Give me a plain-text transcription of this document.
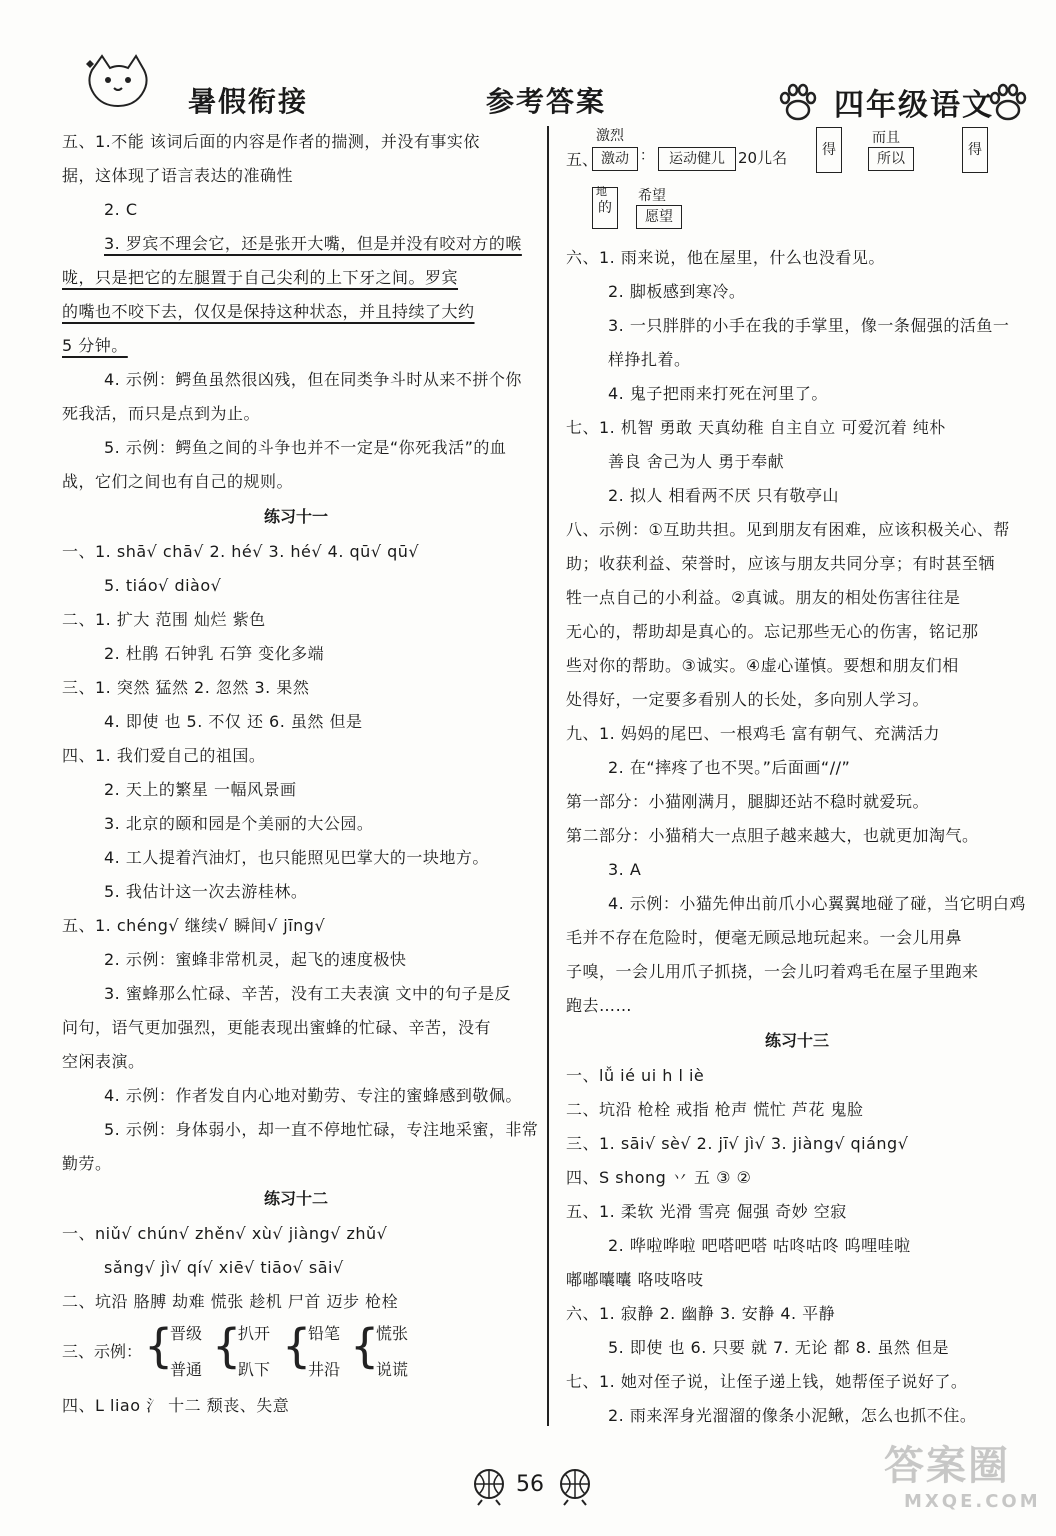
暑假衔接	参考答案	四年级语文
五、1.不能 该词后面的内容是作者的揣测，并没有事实依
据，这体现了语言表达的准确性
2. C
3. 罗宾不理会它，还是张开大嘴，但是并没有咬对方的喉
咙，只是把它的左腿置于自己尖利的上下牙之间。罗宾
的嘴也不咬下去，仅仅是保持这种状态，并且持续了大约
5 分钟。
4. 示例：鳄鱼虽然很凶残，但在同类争斗时从来不拼个你
死我活，而只是点到为止。
5. 示例：鳄鱼之间的斗争也并不一定是“你死我活”的血
战，它们之间也有自己的规则。
练习十一
一、1. shā√ chā√ 2. hé√ 3. hé√ 4. qū√ qū√
5. tiáo√ diào√
二、1. 扩大 范围 灿烂 紫色
2. 杜鹃 石钟乳 石笋 变化多端
三、1. 突然 猛然 2. 忽然 3. 果然
4. 即使 也 5. 不仅 还 6. 虽然 但是
四、1. 我们爱自己的祖国。
2. 天上的繁星 一幅风景画
3. 北京的颐和园是个美丽的大公园。
4. 工人提着汽油灯，也只能照见巴掌大的一块地方。
5. 我估计这一次去游桂林。
五、1. chéng√ 继续√ 瞬间√ jīng√
2. 示例：蜜蜂非常机灵，起飞的速度极快
3. 蜜蜂那么忙碌、辛苦，没有工夫表演 文中的句子是反
问句，语气更加强烈，更能表现出蜜蜂的忙碌、辛苦，没有
空闲表演。
4. 示例：作者发自内心地对勤劳、专注的蜜蜂感到敬佩。
5. 示例：身体弱小，却一直不停地忙碌，专注地采蜜，非常
勤劳。
练习十二
一、niǔ√ chún√ zhěn√ xù√ jiàng√ zhǔ√
sǎng√ jì√ qí√ xiē√ tiāo√ sāi√
二、坑沿 胳膊 劫难 慌张 趁机 尸首 迈步 枪栓
三、示例： {
晋级
普通 {
扒开
趴下 {
铅笔
井沿 {
慌张
说谎
四、L liao 氵 十二 颓丧、失意
五、
激烈
激动 ：	运动健儿 20儿名	得
而且
所以
得
的
地 希望
愿望
六、1. 雨来说，他在屋里，什么也没看见。
2. 脚板感到寒冷。
3. 一只胖胖的小手在我的手掌里，像一条倔强的活鱼一
样挣扎着。
4. 鬼子把雨来打死在河里了。
七、1. 机智 勇敢 天真幼稚 自主自立 可爱沉着 纯朴
善良 舍己为人 勇于奉献
2. 拟人 相看两不厌 只有敬亭山
八、示例：①互助共担。见到朋友有困难，应该积极关心、帮
助；收获利益、荣誉时，应该与朋友共同分享；有时甚至牺
牲一点自己的小利益。②真诚。朋友的相处伤害往往是
无心的，帮助却是真心的。忘记那些无心的伤害，铭记那
些对你的帮助。③诚实。④虚心谨慎。要想和朋友们相
处得好，一定要多看别人的长处，多向别人学习。
九、1. 妈妈的尾巴、一根鸡毛 富有朝气、充满活力
2. 在“摔疼了也不哭。”后面画“//”
第一部分：小猫刚满月，腿脚还站不稳时就爱玩。
第二部分：小猫稍大一点胆子越来越大，也就更加淘气。
3. A
4. 示例：小猫先伸出前爪小心翼翼地碰了碰，当它明白鸡
毛并不存在危险时，便毫无顾忌地玩起来。一会儿用鼻
子嗅，一会儿用爪子抓挠，一会儿叼着鸡毛在屋子里跑来
跑去……
练习十三
一、lǚ ié ui h l iè
二、坑沿 枪栓 戒指 枪声 慌忙 芦花 鬼脸
三、1. sāi√ sè√ 2. jī√ jì√ 3. jiàng√ qiáng√
四、S shong 丷 五 ③ ②
五、1. 柔软 光滑 雪亮 倔强 奇妙 空寂
2. 哗啦哗啦 吧嗒吧嗒 咕咚咕咚 呜哩哇啦
嘟嘟囔囔 咯吱咯吱
六、1. 寂静 2. 幽静 3. 安静 4. 平静
5. 即使 也 6. 只要 就 7. 无论 都 8. 虽然 但是
七、1. 她对侄子说，让侄子递上钱，她帮侄子说好了。
2. 雨来浑身光溜溜的像条小泥鳅，怎么也抓不住。
56	答案圈
MXQE.COM
